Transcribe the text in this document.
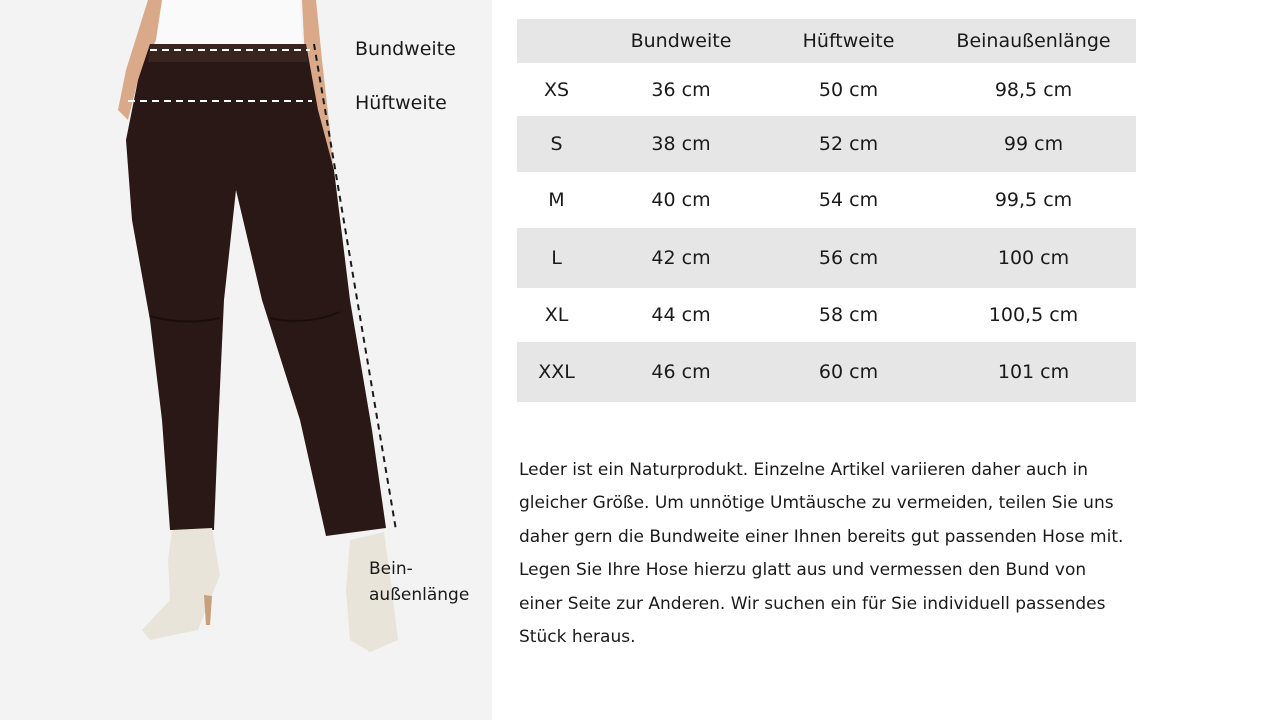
Bundweite
Hüftweite
Bein-
außenlänge
	Bundweite	Hüftweite	Beinaußenlänge
XS	36 cm	50 cm	98,5 cm
S	38 cm	52 cm	99 cm
M	40 cm	54 cm	99,5 cm
L	42 cm	56 cm	100 cm
XL	44 cm	58 cm	100,5 cm
XXL	46 cm	60 cm	101 cm

Leder ist ein Naturprodukt. Einzelne Artikel variieren daher auch in

gleicher Größe. Um unnötige Umtäusche zu vermeiden, teilen Sie uns

daher gern die Bundweite einer Ihnen bereits gut passenden Hose mit.

Legen Sie Ihre Hose hierzu glatt aus und vermessen den Bund von

einer Seite zur Anderen. Wir suchen ein für Sie individuell passendes

Stück heraus.
